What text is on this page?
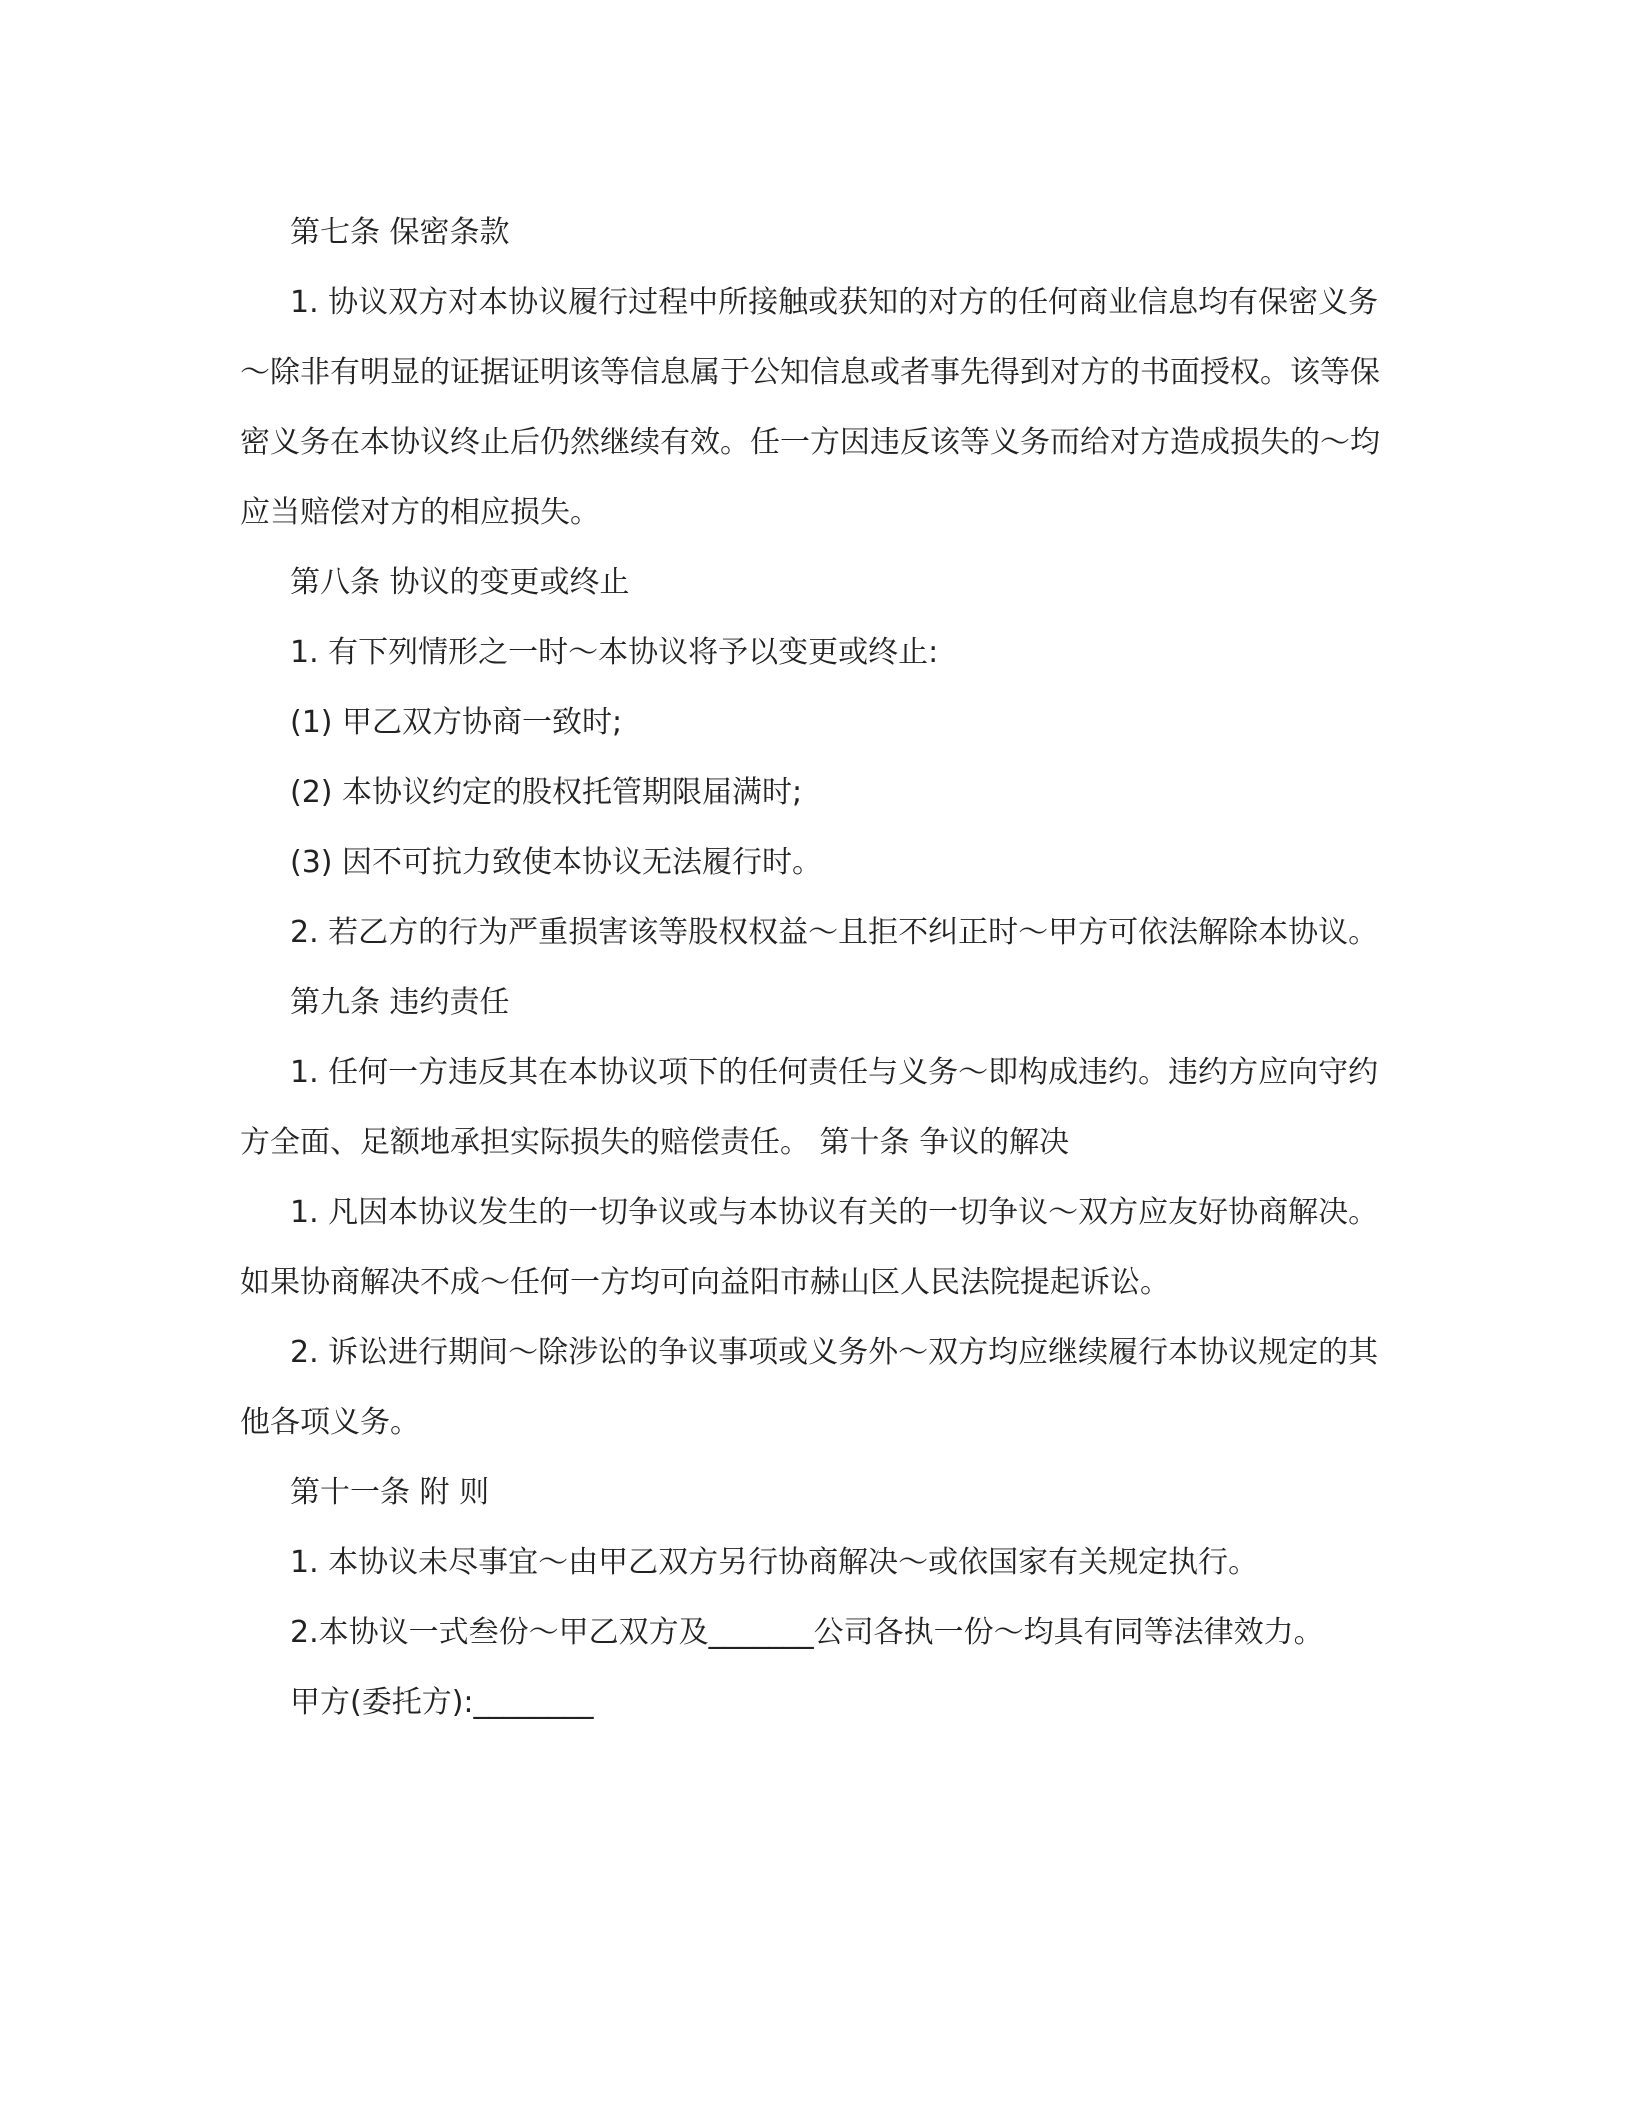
第七条 保密条款

1. 协议双方对本协议履行过程中所接触或获知的对方的任何商业信息均有保密义务～除非有明显的证据证明该等信息属于公知信息或者事先得到对方的书面授权。该等保密义务在本协议终止后仍然继续有效。任一方因违反该等义务而给对方造成损失的～均应当赔偿对方的相应损失。

第八条 协议的变更或终止

1. 有下列情形之一时～本协议将予以变更或终止:

(1) 甲乙双方协商一致时;

(2) 本协议约定的股权托管期限届满时;

(3) 因不可抗力致使本协议无法履行时。

2. 若乙方的行为严重损害该等股权权益～且拒不纠正时～甲方可依法解除本协议。

第九条 违约责任

1. 任何一方违反其在本协议项下的任何责任与义务～即构成违约。违约方应向守约方全面、足额地承担实际损失的赔偿责任。 第十条 争议的解决

1. 凡因本协议发生的一切争议或与本协议有关的一切争议～双方应友好协商解决。如果协商解决不成～任何一方均可向益阳市赫山区人民法院提起诉讼。

2. 诉讼进行期间～除涉讼的争议事项或义务外～双方均应继续履行本协议规定的其他各项义务。

第十一条 附 则

1. 本协议未尽事宜～由甲乙双方另行协商解决～或依国家有关规定执行。

2.本协议一式叁份～甲乙双方及_______公司各执一份～均具有同等法律效力。

甲方(委托方):________
